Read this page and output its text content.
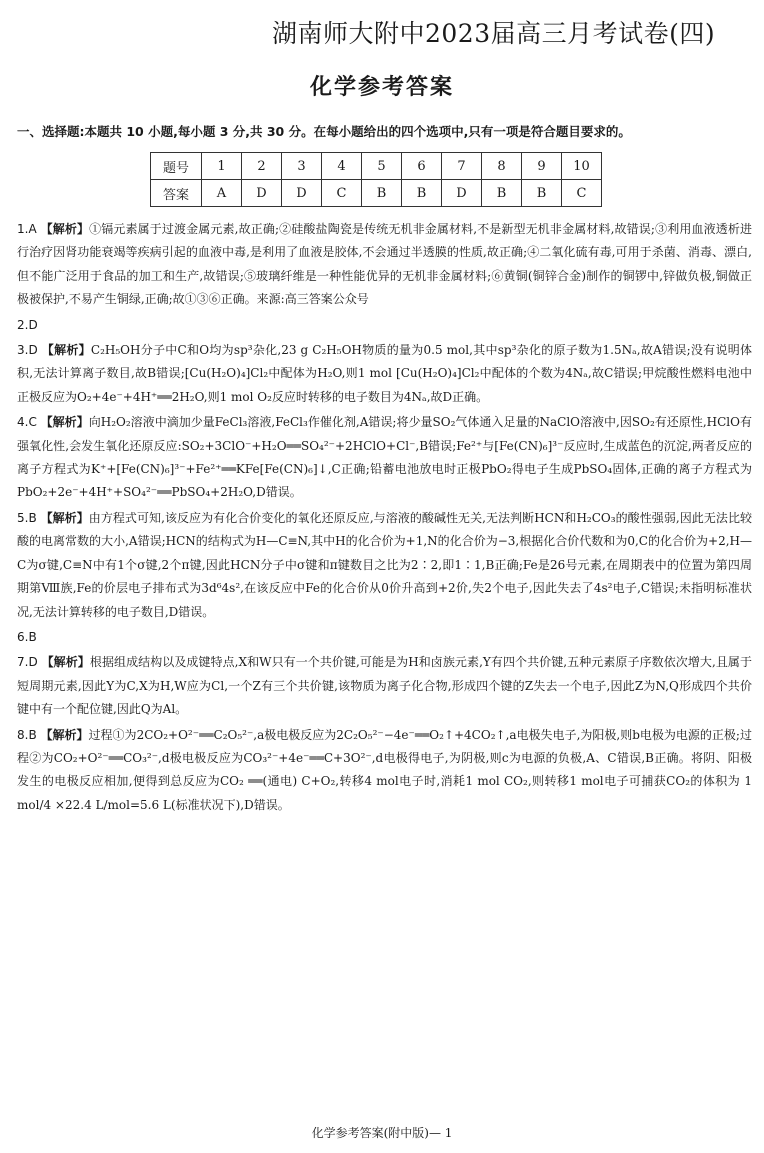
湖南师大附中2023届高三月考试卷(四)
化学参考答案
一、选择题:本题共 10 小题,每小题 3 分,共 30 分。在每小题给出的四个选项中,只有一项是符合题目要求的。
题号	1	2	3	4	5	6	7	8	9	10
答案	A	D	D	C	B	B	D	B	B	C

1.A 【解析】①镉元素属于过渡金属元素,故正确;②硅酸盐陶瓷是传统无机非金属材料,不是新型无机非金属材料,故错误;③利用血液透析进行治疗因肾功能衰竭等疾病引起的血液中毒,是利用了血液是胶体,不会通过半透膜的性质,故正确;④二氧化硫有毒,可用于杀菌、消毒、漂白,但不能广泛用于食品的加工和生产,故错误;⑤玻璃纤维是一种性能优异的无机非金属材料;⑥黄铜(铜锌合金)制作的铜锣中,锌做负极,铜做正极被保护,不易产生铜绿,正确;故①③⑥正确。来源:高三答案公众号

2.D

3.D 【解析】C₂H₅OH分子中C和O均为sp³杂化,23 g C₂H₅OH物质的量为0.5 mol,其中sp³杂化的原子数为1.5Nₐ,故A错误;没有说明体积,无法计算离子数目,故B错误;[Cu(H₂O)₄]Cl₂中配体为H₂O,则1 mol [Cu(H₂O)₄]Cl₂中配体的个数为4Nₐ,故C错误;甲烷酸性燃料电池中正极反应为O₂+4e⁻+4H⁺══2H₂O,则1 mol O₂反应时转移的电子数目为4Nₐ,故D正确。

4.C 【解析】向H₂O₂溶液中滴加少量FeCl₃溶液,FeCl₃作催化剂,A错误;将少量SO₂气体通入足量的NaClO溶液中,因SO₂有还原性,HClO有强氧化性,会发生氧化还原反应:SO₂+3ClO⁻+H₂O══SO₄²⁻+2HClO+Cl⁻,B错误;Fe²⁺与[Fe(CN)₆]³⁻反应时,生成蓝色的沉淀,两者反应的离子方程式为K⁺+[Fe(CN)₆]³⁻+Fe²⁺══KFe[Fe(CN)₆]↓,C正确;铅蓄电池放电时正极PbO₂得电子生成PbSO₄固体,正确的离子方程式为PbO₂+2e⁻+4H⁺+SO₄²⁻══PbSO₄+2H₂O,D错误。

5.B 【解析】由方程式可知,该反应为有化合价变化的氧化还原反应,与溶液的酸碱性无关,无法判断HCN和H₂CO₃的酸性强弱,因此无法比较酸的电离常数的大小,A错误;HCN的结构式为H—C≡N,其中H的化合价为+1,N的化合价为−3,根据化合价代数和为0,C的化合价为+2,H—C为σ键,C≡N中有1个σ键,2个π键,因此HCN分子中σ键和π键数目之比为2∶2,即1∶1,B正确;Fe是26号元素,在周期表中的位置为第四周期第Ⅷ族,Fe的价层电子排布式为3d⁶4s²,在该反应中Fe的化合价从0价升高到+2价,失2个电子,因此失去了4s²电子,C错误;未指明标准状况,无法计算转移的电子数目,D错误。

6.B

7.D 【解析】根据组成结构以及成键特点,X和W只有一个共价键,可能是为H和卤族元素,Y有四个共价键,五种元素原子序数依次增大,且属于短周期元素,因此Y为C,X为H,W应为Cl,一个Z有三个共价键,该物质为离子化合物,形成四个键的Z失去一个电子,因此Z为N,Q形成四个共价键中有一个配位键,因此Q为Al。

8.B 【解析】过程①为2CO₂+O²⁻══C₂O₅²⁻,a极电极反应为2C₂O₅²⁻−4e⁻══O₂↑+4CO₂↑,a电极失电子,为阳极,则b电极为电源的正极;过程②为CO₂+O²⁻══CO₃²⁻,d极电极反应为CO₃²⁻+4e⁻══C+3O²⁻,d电极得电子,为阴极,则c为电源的负极,A、C错误,B正确。将阴、阳极发生的电极反应相加,便得到总反应为CO₂ ══(通电) C+O₂,转移4 mol电子时,消耗1 mol CO₂,则转移1 mol电子可捕获CO₂的体积为 1 mol/4 ×22.4 L/mol=5.6 L(标准状况下),D错误。

化学参考答案(附中版)— 1
